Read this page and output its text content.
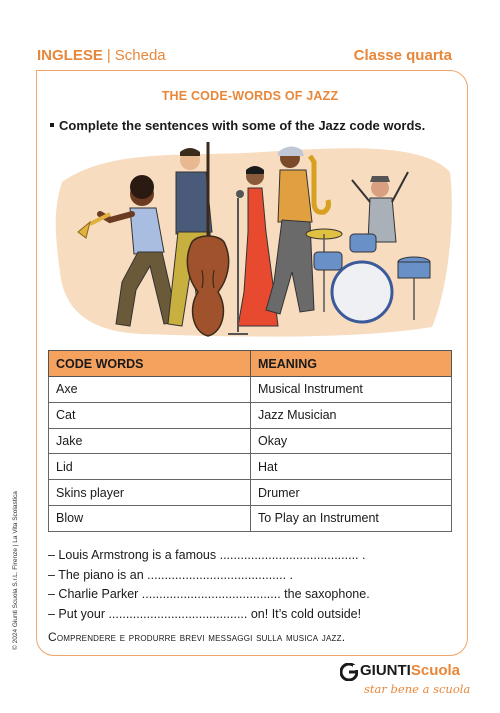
INGLESE | Scheda	Classe quarta
THE CODE-WORDS OF JAZZ
Complete the sentences with some of the Jazz code words.
CODE WORDS	MEANING
Axe	Musical Instrument
Cat	Jazz Musician
Jake	Okay
Lid	Hat
Skins player	Drumer
Blow	To Play an Instrument
– Louis Armstrong is a famous ........................................ .
– The piano is an ........................................ .
– Charlie Parker ........................................ the saxophone.
– Put your ........................................ on! It’s cold outside!
Comprendere e produrre brevi messaggi sulla musica jazz.
© 2024 Giunti Scuola S.r.L. Firenze | La Vita Scolastica
GIUNTIScuola
star bene a scuola
